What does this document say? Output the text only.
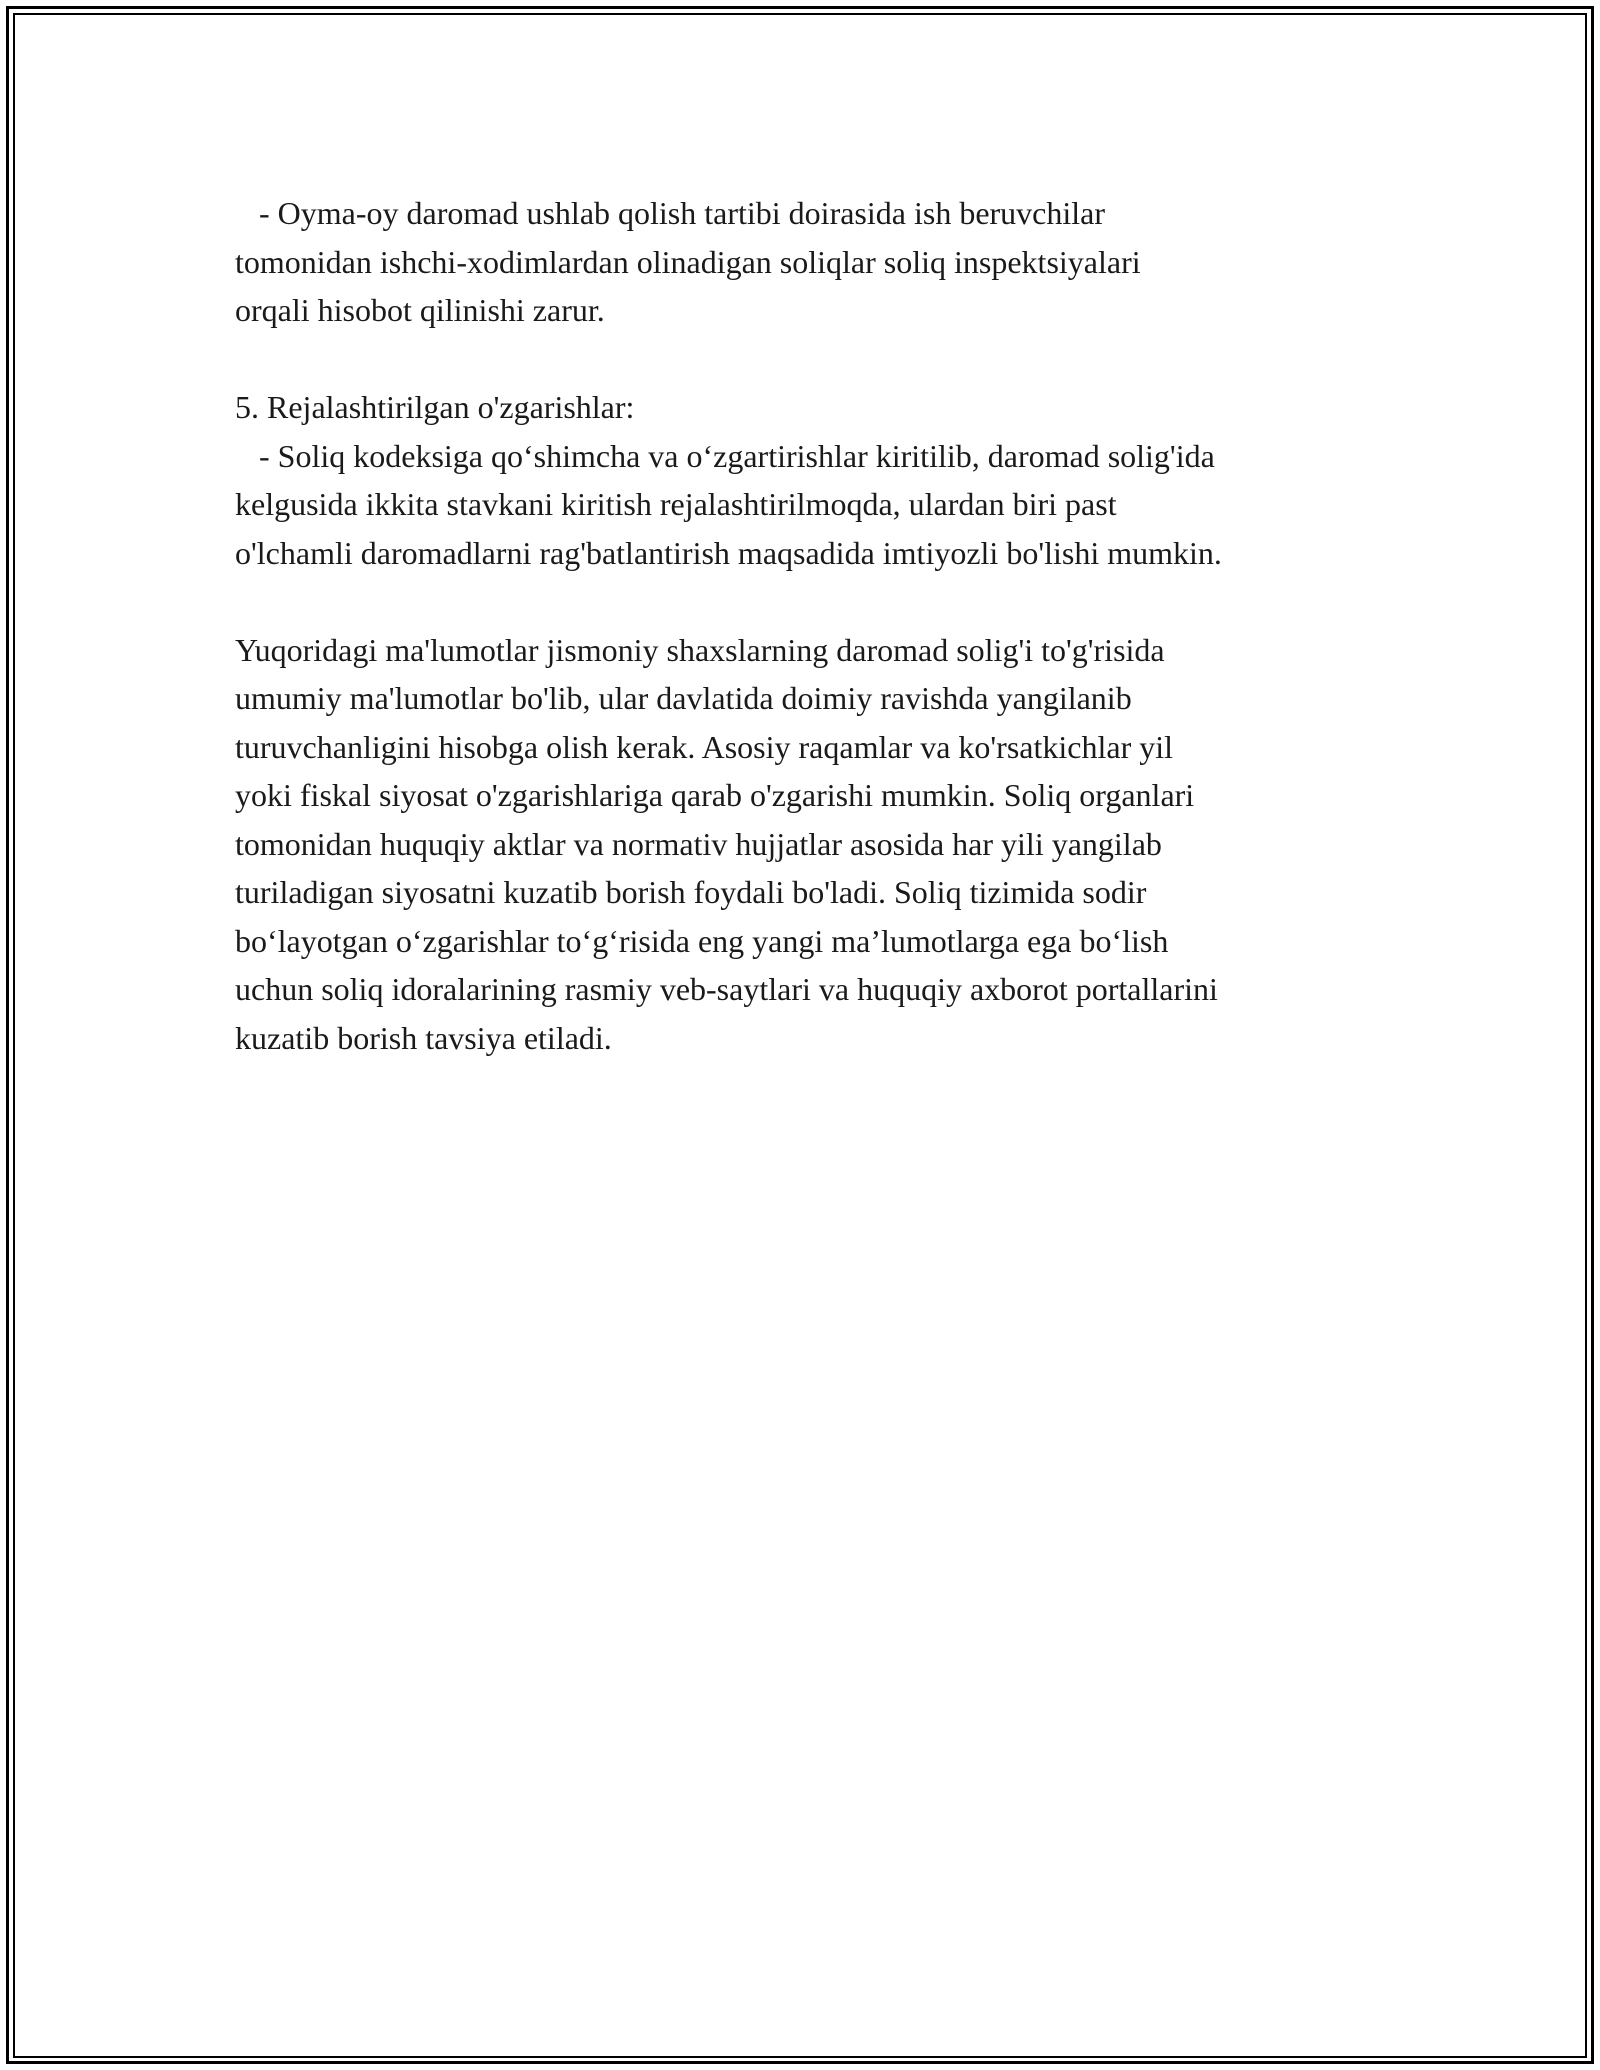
- Oyma-oy daromad ushlab qolish tartibi doirasida ish beruvchilar
tomonidan ishchi-xodimlardan olinadigan soliqlar soliq inspektsiyalari
orqali hisobot qilinishi zarur.
5. Rejalashtirilgan o'zgarishlar:
- Soliq kodeksiga qo‘shimcha va o‘zgartirishlar kiritilib, daromad solig'ida
kelgusida ikkita stavkani kiritish rejalashtirilmoqda, ulardan biri past
o'lchamli daromadlarni rag'batlantirish maqsadida imtiyozli bo'lishi mumkin.
Yuqoridagi ma'lumotlar jismoniy shaxslarning daromad solig'i to'g'risida
umumiy ma'lumotlar bo'lib, ular davlatida doimiy ravishda yangilanib
turuvchanligini hisobga olish kerak. Asosiy raqamlar va ko'rsatkichlar yil
yoki fiskal siyosat o'zgarishlariga qarab o'zgarishi mumkin. Soliq organlari
tomonidan huquqiy aktlar va normativ hujjatlar asosida har yili yangilab
turiladigan siyosatni kuzatib borish foydali bo'ladi. Soliq tizimida sodir
bo‘layotgan o‘zgarishlar to‘g‘risida eng yangi ma’lumotlarga ega bo‘lish
uchun soliq idoralarining rasmiy veb-saytlari va huquqiy axborot portallarini
kuzatib borish tavsiya etiladi.
